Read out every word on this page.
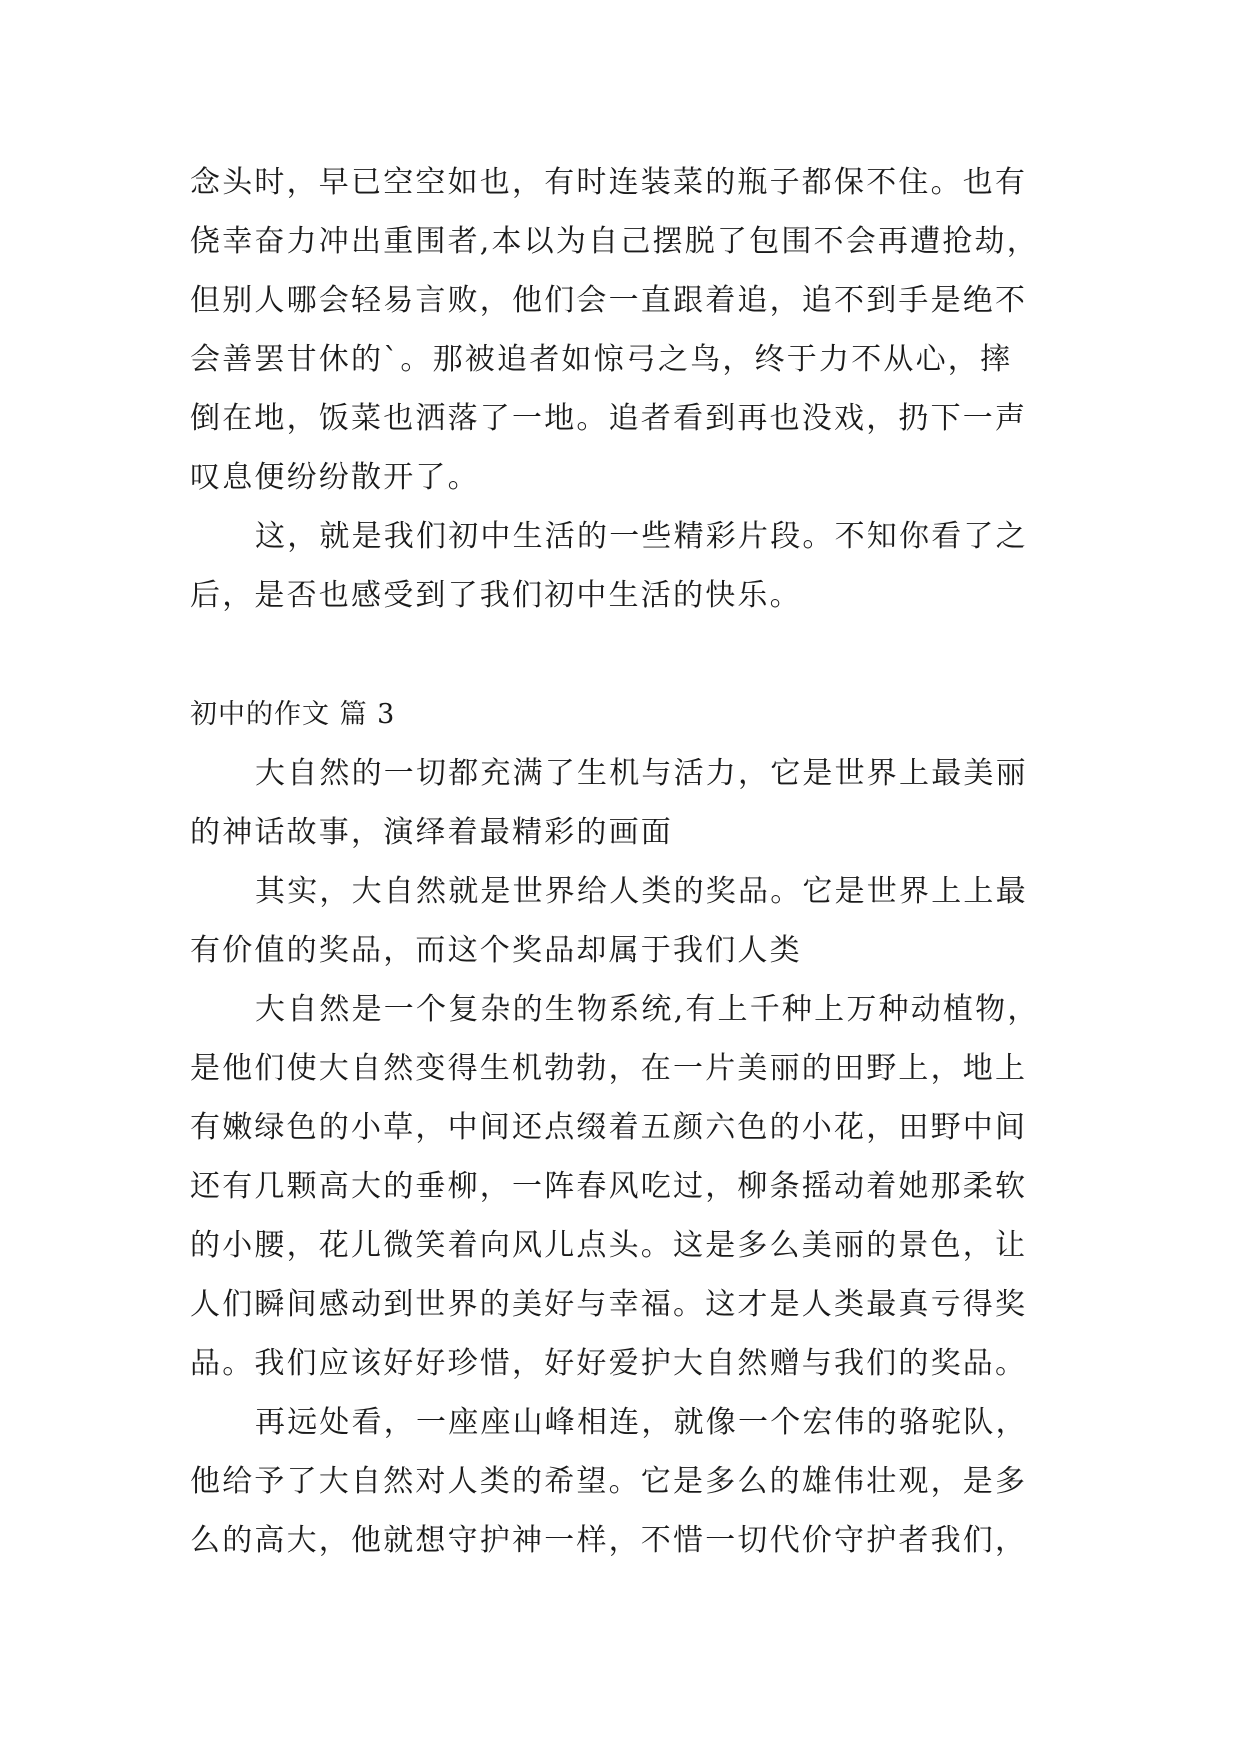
念头时，早已空空如也，有时连装菜的瓶子都保不住。也有
侥幸奋力冲出重围者,本以为自己摆脱了包围不会再遭抢劫，
但别人哪会轻易言败，他们会一直跟着追，追不到手是绝不
会善罢甘休的`。那被追者如惊弓之鸟，终于力不从心，摔
倒在地，饭菜也洒落了一地。追者看到再也没戏，扔下一声
叹息便纷纷散开了。
这，就是我们初中生活的一些精彩片段。不知你看了之
后，是否也感受到了我们初中生活的快乐。
初中的作文 篇 3
大自然的一切都充满了生机与活力，它是世界上最美丽
的神话故事，演绎着最精彩的画面
其实，大自然就是世界给人类的奖品。它是世界上上最
有价值的奖品，而这个奖品却属于我们人类
大自然是一个复杂的生物系统,有上千种上万种动植物，
是他们使大自然变得生机勃勃，在一片美丽的田野上，地上
有嫩绿色的小草，中间还点缀着五颜六色的小花，田野中间
还有几颗高大的垂柳，一阵春风吃过，柳条摇动着她那柔软
的小腰，花儿微笑着向风儿点头。这是多么美丽的景色，让
人们瞬间感动到世界的美好与幸福。这才是人类最真亏得奖
品。我们应该好好珍惜，好好爱护大自然赠与我们的奖品。
再远处看，一座座山峰相连，就像一个宏伟的骆驼队，
他给予了大自然对人类的希望。它是多么的雄伟壮观，是多
么的高大，他就想守护神一样，不惜一切代价守护者我们，
